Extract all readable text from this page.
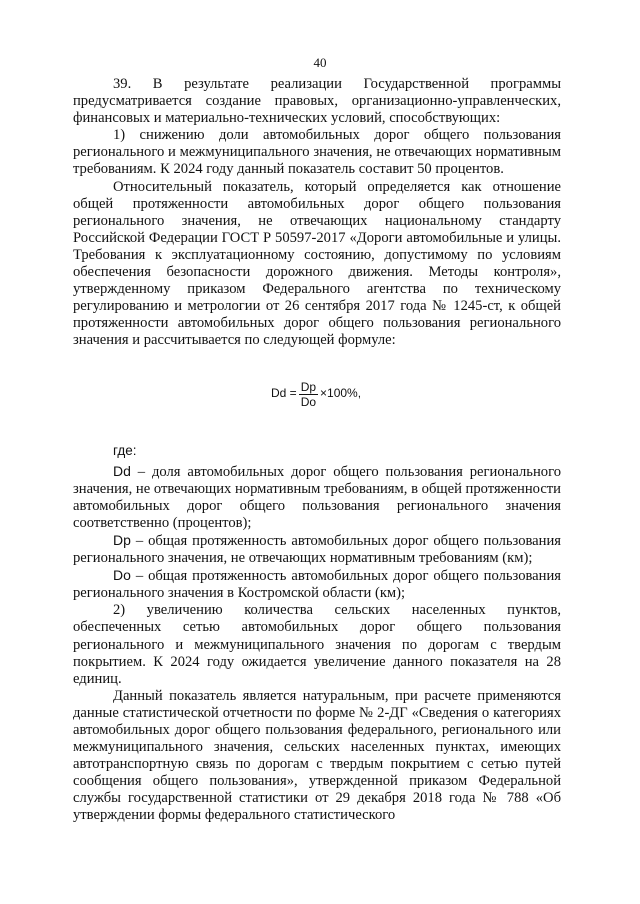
40

39. В результате реализации Государственной программы предусматривается создание правовых, организационно-управленческих, финансовых и материально-технических условий, способствующих:

1) снижению доли автомобильных дорог общего пользования регионального и межмуниципального значения, не отвечающих нормативным требованиям. К 2024 году данный показатель составит 50 процентов.

Относительный показатель, который определяется как отношение общей протяженности автомобильных дорог общего пользования регионального значения, не отвечающих национальному стандарту Российской Федерации ГОСТ Р 50597-2017 «Дороги автомобильные и улицы. Требования к эксплуатационному состоянию, допустимому по условиям обеспечения безопасности дорожного движения. Методы контроля», утвержденному приказом Федерального агентства по техническому регулированию и метрологии от 26 сентября 2017 года № 1245-ст, к общей протяженности автомобильных дорог общего пользования регионального значения и рассчитывается по следующей формуле:

$Dd = \frac{Dp}{Do} \times 100\%$,

где:

Dd – доля автомобильных дорог общего пользования регионального значения, не отвечающих нормативным требованиям, в общей протяженности автомобильных дорог общего пользования регионального значения соответственно (процентов);

Dp – общая протяженность автомобильных дорог общего пользования регионального значения, не отвечающих нормативным требованиям (км);

Do – общая протяженность автомобильных дорог общего пользования регионального значения в Костромской области (км);

2) увеличению количества сельских населенных пунктов, обеспеченных сетью автомобильных дорог общего пользования регионального и межмуниципального значения по дорогам с твердым покрытием. К 2024 году ожидается увеличение данного показателя на 28 единиц.

Данный показатель является натуральным, при расчете применяются данные статистической отчетности по форме № 2-ДГ «Сведения о категориях автомобильных дорог общего пользования федерального, регионального или межмуниципального значения, сельских населенных пунктах, имеющих автотранспортную связь по дорогам с твердым покрытием с сетью путей сообщения общего пользования», утвержденной приказом Федеральной службы государственной статистики от 29 декабря 2018 года № 788 «Об утверждении формы федерального статистического
